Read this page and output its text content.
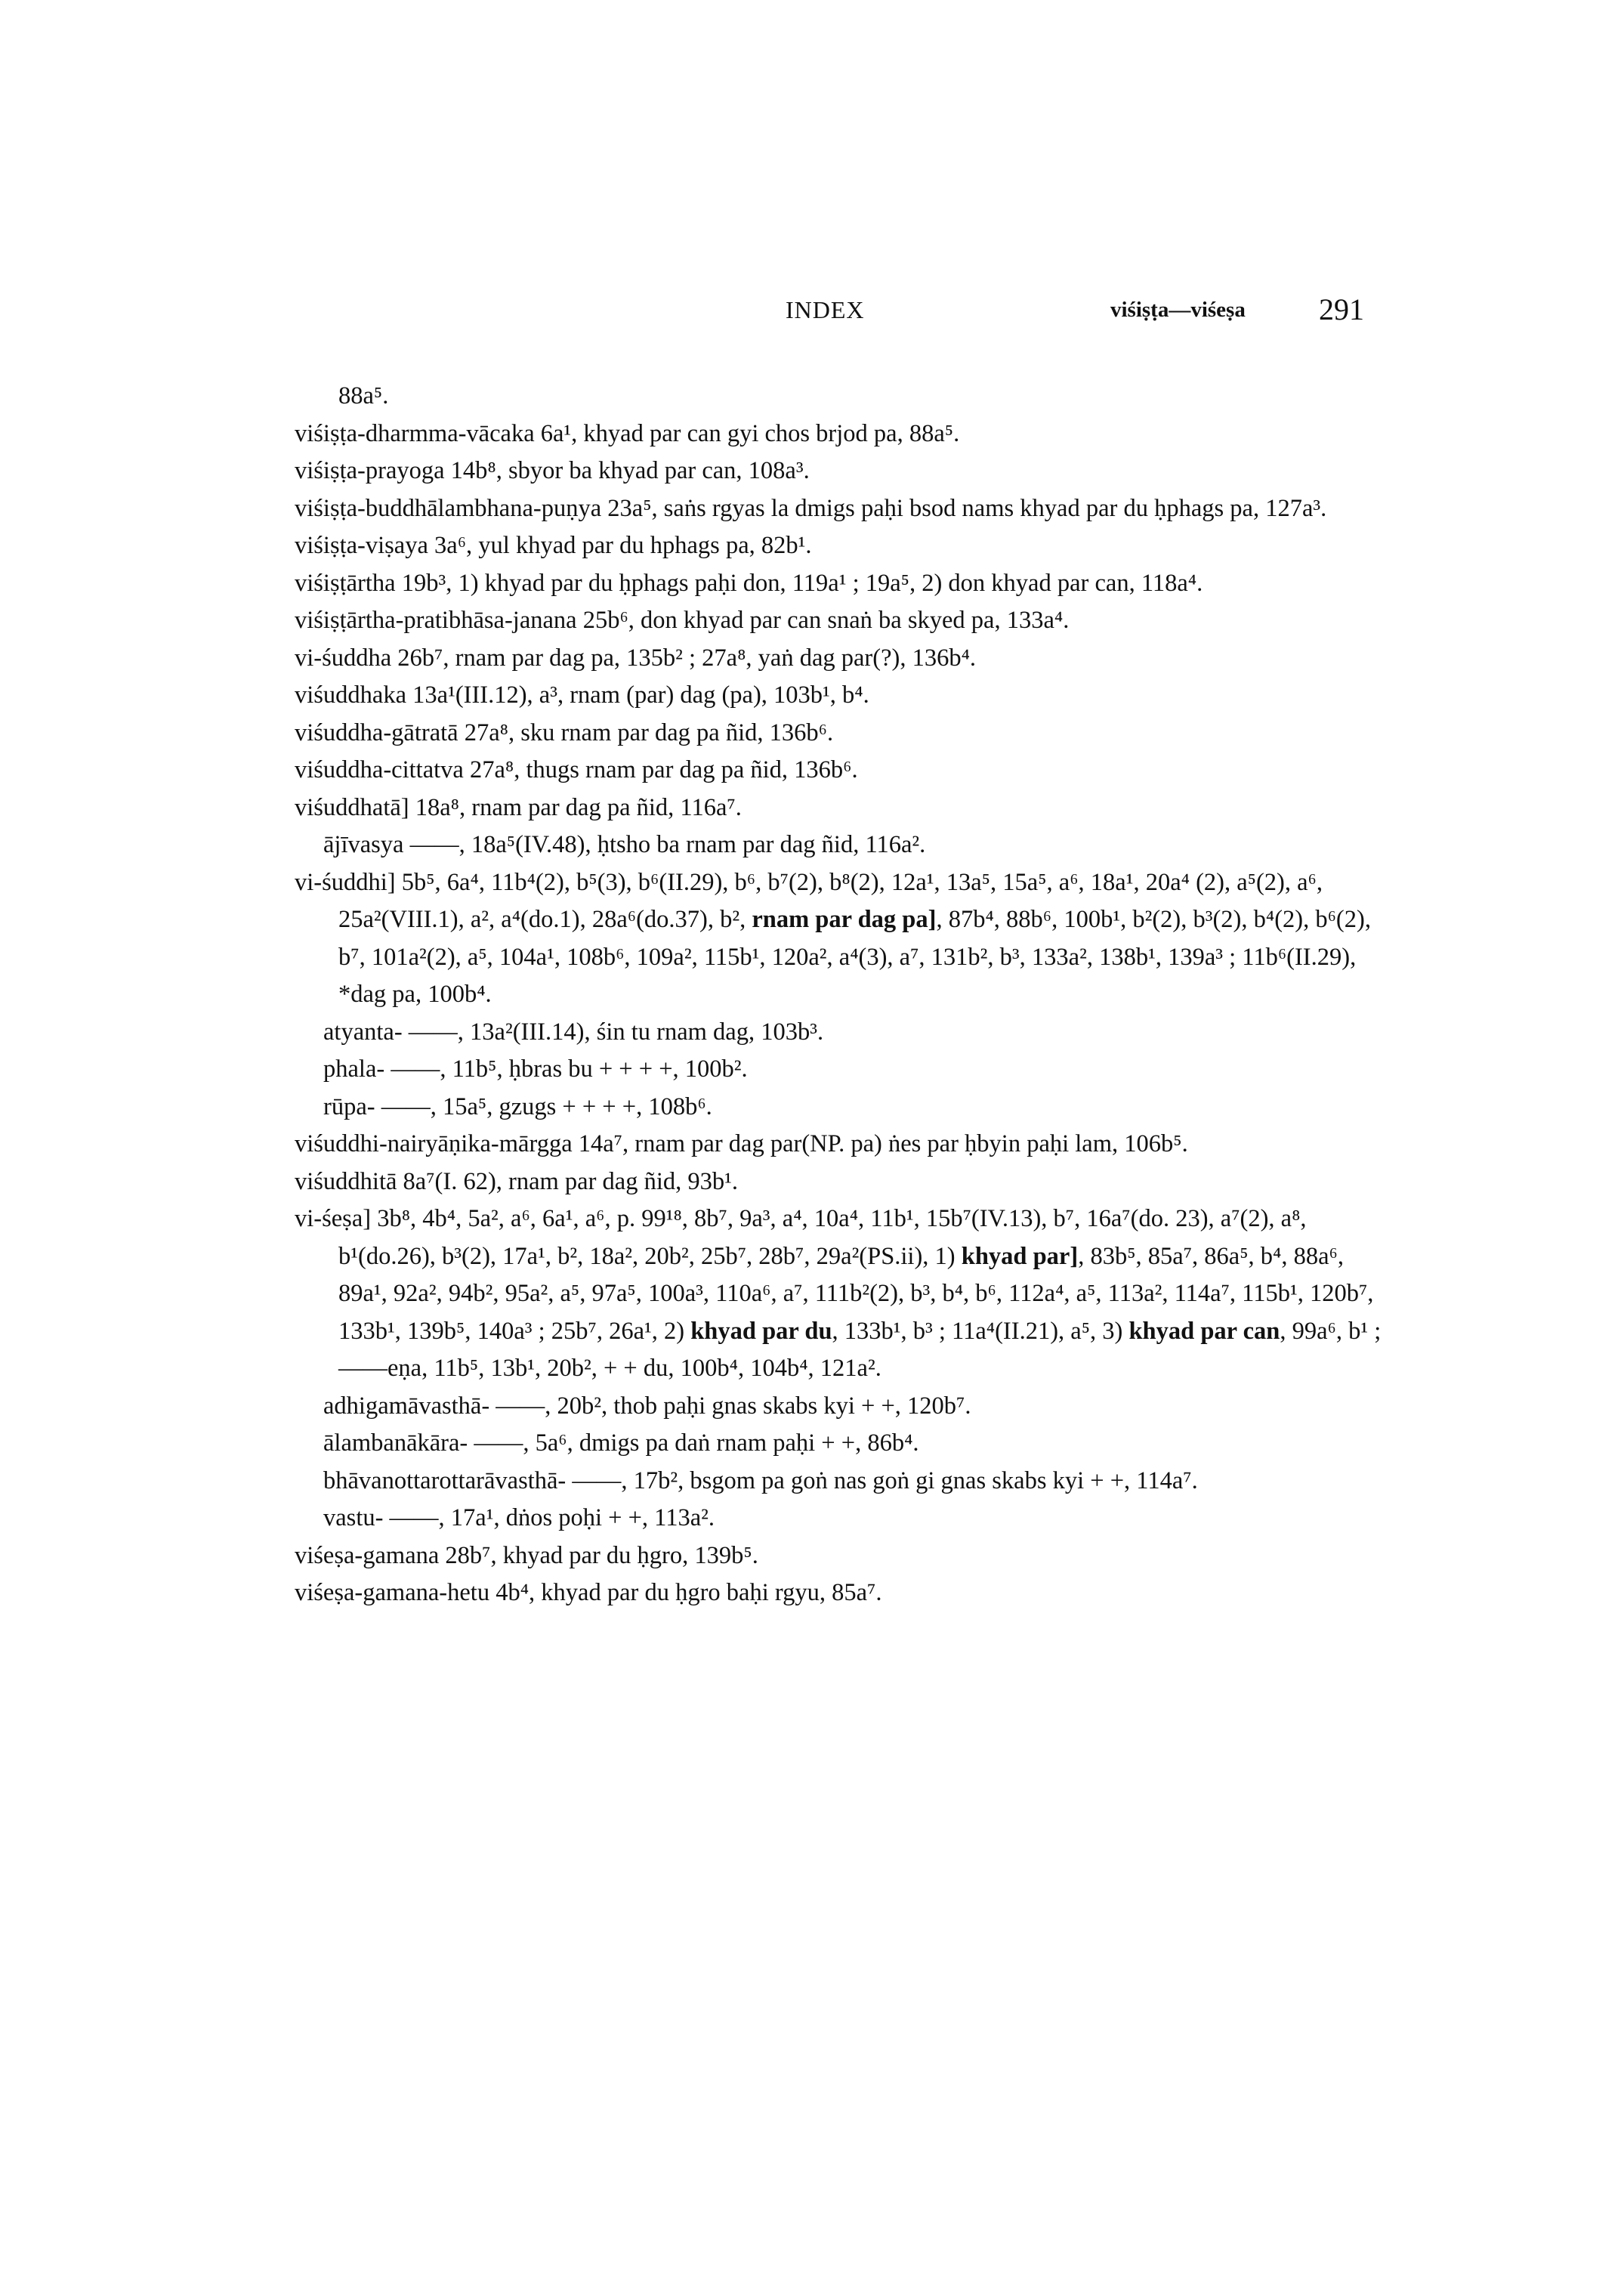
INDEX	viśiṣṭa—viśeṣa 291

88a⁵.

viśiṣṭa-dharmma-vācaka 6a¹, khyad par can gyi chos brjod pa, 88a⁵.

viśiṣṭa-prayoga 14b⁸, sbyor ba khyad par can, 108a³.

viśiṣṭa-buddhālambhana-puṇya 23a⁵, saṅs rgyas la dmigs paḥi bsod nams khyad par du ḥphags pa, 127a³.

viśiṣṭa-viṣaya 3a⁶, yul khyad par du hphags pa, 82b¹.

viśiṣṭārtha 19b³, 1) khyad par du ḥphags paḥi don, 119a¹ ; 19a⁵, 2) don khyad par can, 118a⁴.

viśiṣṭārtha-pratibhāsa-janana 25b⁶, don khyad par can snaṅ ba skyed pa, 133a⁴.

vi-śuddha 26b⁷, rnam par dag pa, 135b² ; 27a⁸, yaṅ dag par(?), 136b⁴.

viśuddhaka 13a¹(III.12), a³, rnam (par) dag (pa), 103b¹, b⁴.

viśuddha-gātratā 27a⁸, sku rnam par dag pa ñid, 136b⁶.

viśuddha-cittatva 27a⁸, thugs rnam par dag pa ñid, 136b⁶.

viśuddhatā] 18a⁸, rnam par dag pa ñid, 116a⁷.

ājīvasya ——, 18a⁵(IV.48), ḥtsho ba rnam par dag ñid, 116a².

vi-śuddhi] 5b⁵, 6a⁴, 11b⁴(2), b⁵(3), b⁶(II.29), b⁶, b⁷(2), b⁸(2), 12a¹, 13a⁵, 15a⁵, a⁶, 18a¹, 20a⁴ (2), a⁵(2), a⁶, 25a²(VIII.1), a², a⁴(do.1), 28a⁶(do.37), b², rnam par dag pa], 87b⁴, 88b⁶, 100b¹, b²(2), b³(2), b⁴(2), b⁶(2), b⁷, 101a²(2), a⁵, 104a¹, 108b⁶, 109a², 115b¹, 120a², a⁴(3), a⁷, 131b², b³, 133a², 138b¹, 139a³ ; 11b⁶(II.29), *dag pa, 100b⁴.

atyanta- ——, 13a²(III.14), śin tu rnam dag, 103b³.

phala- ——, 11b⁵, ḥbras bu + + + +, 100b².

rūpa- ——, 15a⁵, gzugs + + + +, 108b⁶.

viśuddhi-nairyāṇika-mārgga 14a⁷, rnam par dag par(NP. pa) ṅes par ḥbyin paḥi lam, 106b⁵.

viśuddhitā 8a⁷(I. 62), rnam par dag ñid, 93b¹.

vi-śeṣa] 3b⁸, 4b⁴, 5a², a⁶, 6a¹, a⁶, p. 99¹⁸, 8b⁷, 9a³, a⁴, 10a⁴, 11b¹, 15b⁷(IV.13), b⁷, 16a⁷(do. 23), a⁷(2), a⁸, b¹(do.26), b³(2), 17a¹, b², 18a², 20b², 25b⁷, 28b⁷, 29a²(PS.ii), 1) khyad par], 83b⁵, 85a⁷, 86a⁵, b⁴, 88a⁶, 89a¹, 92a², 94b², 95a², a⁵, 97a⁵, 100a³, 110a⁶, a⁷, 111b²(2), b³, b⁴, b⁶, 112a⁴, a⁵, 113a², 114a⁷, 115b¹, 120b⁷, 133b¹, 139b⁵, 140a³ ; 25b⁷, 26a¹, 2) khyad par du, 133b¹, b³ ; 11a⁴(II.21), a⁵, 3) khyad par can, 99a⁶, b¹ ;

——eṇa, 11b⁵, 13b¹, 20b², + + du, 100b⁴, 104b⁴, 121a².

adhigamāvasthā- ——, 20b², thob paḥi gnas skabs kyi + +, 120b⁷.

ālambanākāra- ——, 5a⁶, dmigs pa daṅ rnam paḥi + +, 86b⁴.

bhāvanottarottarāvasthā- ——, 17b², bsgom pa goṅ nas goṅ gi gnas skabs kyi + +, 114a⁷.

vastu- ——, 17a¹, dṅos poḥi + +, 113a².

viśeṣa-gamana 28b⁷, khyad par du ḥgro, 139b⁵.

viśeṣa-gamana-hetu 4b⁴, khyad par du ḥgro baḥi rgyu, 85a⁷.
